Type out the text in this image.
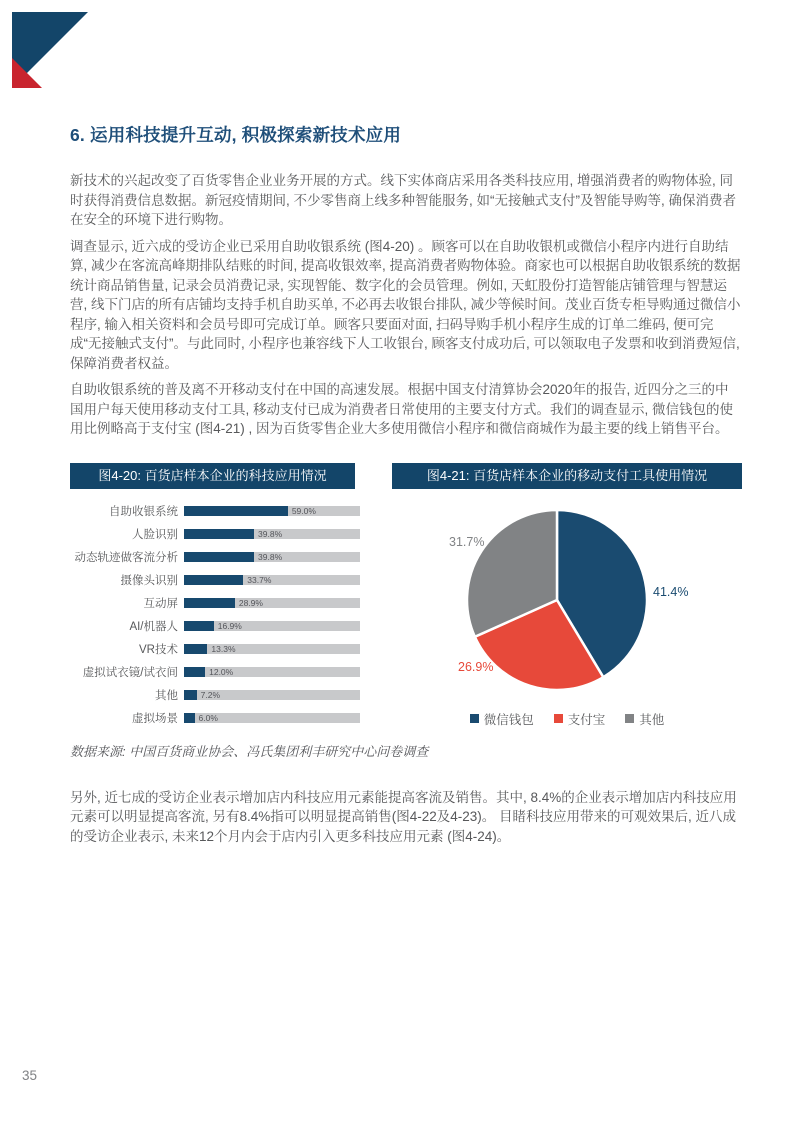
6. 运用科技提升互动, 积极探索新技术应用

新技术的兴起改变了百货零售企业业务开展的方式。线下实体商店采用各类科技应用, 增强消费者的购物体验, 同时获得消费信息数据。新冠疫情期间, 不少零售商上线多种智能服务, 如“无接触式支付”及智能导购等, 确保消费者在安全的环境下进行购物。

调查显示, 近六成的受访企业已采用自助收银系统 (图4-20) 。顾客可以在自助收银机或微信小程序内进行自助结算, 减少在客流高峰期排队结账的时间, 提高收银效率, 提高消费者购物体验。商家也可以根据自助收银系统的数据统计商品销售量, 记录会员消费记录, 实现智能、数字化的会员管理。例如, 天虹股份打造智能店铺管理与智慧运营, 线下门店的所有店铺均支持手机自助买单, 不必再去收银台排队, 减少等候时间。茂业百货专柜导购通过微信小程序, 输入相关资料和会员号即可完成订单。顾客只要面对面, 扫码导购手机小程序生成的订单二维码, 便可完成“无接触式支付”。与此同时, 小程序也兼容线下人工收银台, 顾客支付成功后, 可以领取电子发票和收到消费短信, 保障消费者权益。

自助收银系统的普及离不开移动支付在中国的高速发展。根据中国支付清算协会2020年的报告, 近四分之三的中国用户每天使用移动支付工具, 移动支付已成为消费者日常使用的主要支付方式。我们的调查显示, 微信钱包的使用比例略高于支付宝 (图4-21) , 因为百货零售企业大多使用微信小程序和微信商城作为最主要的线上销售平台。

图4-20: 百货店样本企业的科技应用情况
自助收银系统	59.0%
人脸识别	39.8%
动态轨迹做客流分析	39.8%
摄像头识别	33.7%
互动屏	28.9%
AI/机器人	16.9%
VR技术	13.3%
虚拟试衣镜/试衣间	12.0%
其他	7.2%
虚拟场景	6.0%
图4-21: 百货店样本企业的移动支付工具使用情况
41.4%
26.9%
31.7%
微信钱包	支付宝	其他

数据来源: 中国百货商业协会、冯氏集团利丰研究中心问卷调查

另外, 近七成的受访企业表示增加店内科技应用元素能提高客流及销售。其中, 8.4%的企业表示增加店内科技应用元素可以明显提高客流, 另有8.4%指可以明显提高销售(图4-22及4-23)。 目睹科技应用带来的可观效果后, 近八成的受访企业表示, 未来12个月内会于店内引入更多科技应用元素 (图4-24)。

35
